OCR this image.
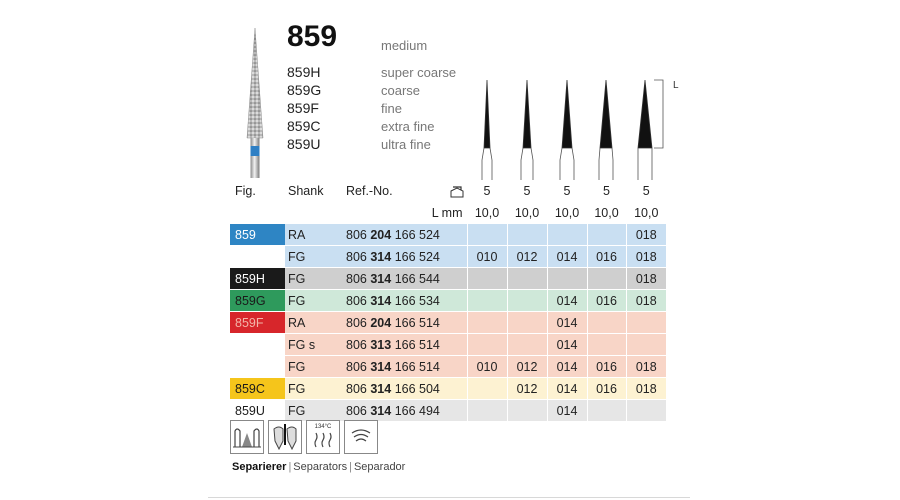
859	medium
859H	super coarse
859G	coarse
859F	fine
859C	extra fine
859U	ultra fine
L
Fig.	Shank	Ref.-No.	5	5	5	5	5
L mm			10,0	10,0	10,0	10,0	10,0
859	RA	806 204 166 524					018
	FG	806 314 166 524	010	012	014	016	018
859H	FG	806 314 166 544					018
859G	FG	806 314 166 534			014	016	018
859F	RA	806 204 166 514			014		
	FG s	806 313 166 514			014		
	FG	806 314 166 514	010	012	014	016	018
859C	FG	806 314 166 504		012	014	016	018
859U	FG	806 314 166 494			014		
134°C
Separierer | Separators | Separador
